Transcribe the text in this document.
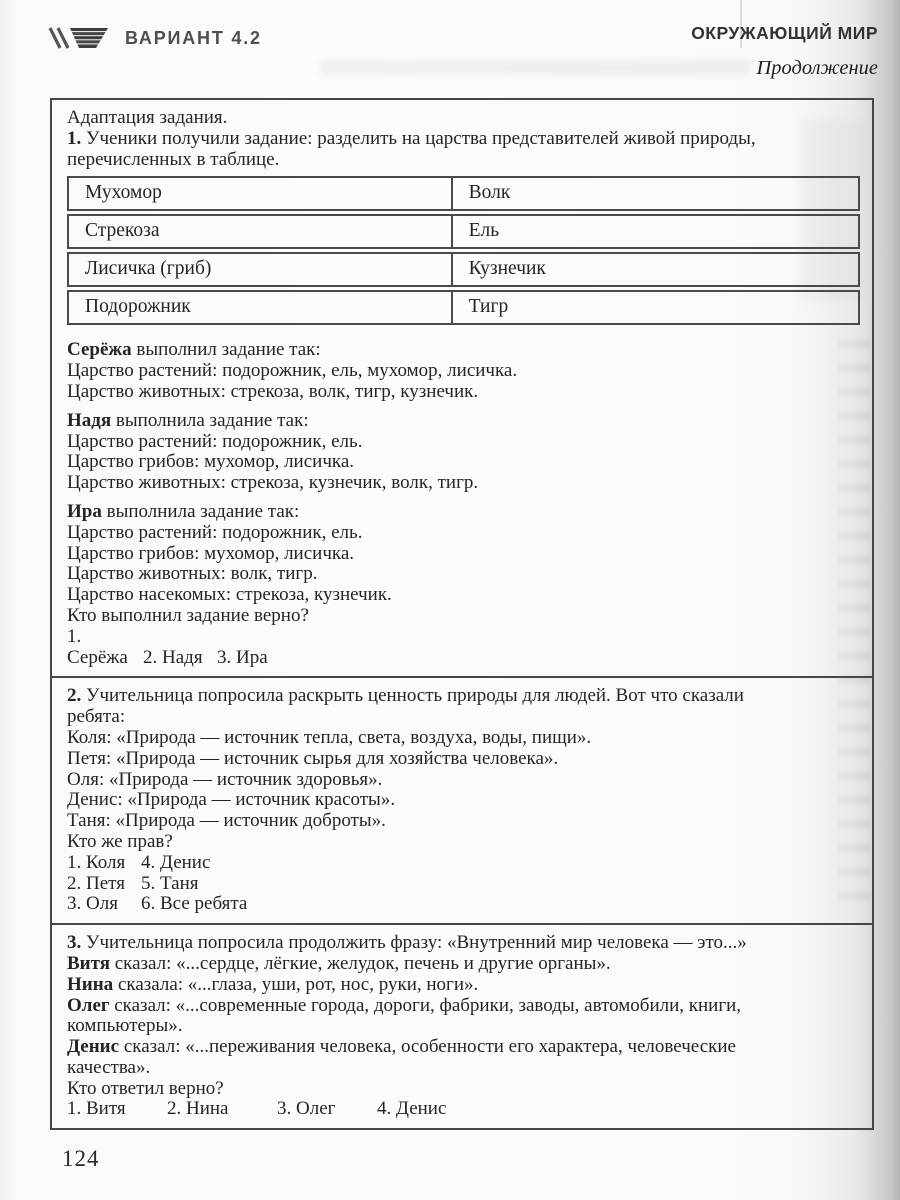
ВАРИАНТ 4.2	ОКРУЖАЮЩИЙ МИР
Продолжение

Адаптация задания.

1. Ученики получили задание: разделить на царства представителей живой природы,
перечисленных в таблице.

Мухомор	Волк
Стрекоза	Ель
Лисичка (гриб)	Кузнечик
Подорожник	Тигр

Серёжа выполнил задание так:

Царство растений: подорожник, ель, мухомор, лисичка.

Царство животных: стрекоза, волк, тигр, кузнечик.

Надя выполнила задание так:

Царство растений: подорожник, ель.

Царство грибов: мухомор, лисичка.

Царство животных: стрекоза, кузнечик, волк, тигр.

Ира выполнила задание так:

Царство растений: подорожник, ель.

Царство грибов: мухомор, лисичка.

Царство животных: волк, тигр.

Царство насекомых: стрекоза, кузнечик.

Кто выполнил задание верно?

1. Серёжа 2. Надя 3. Ира

2. Учительница попросила раскрыть ценность природы для людей. Вот что сказали
ребята:

Коля: «Природа — источник тепла, света, воздуха, воды, пищи».

Петя: «Природа — источник сырья для хозяйства человека».

Оля: «Природа — источник здоровья».

Денис: «Природа — источник красоты».

Таня: «Природа — источник доброты».

Кто же прав?

1. Коля
2. Петя
3. Оля
4. Денис
5. Таня
6. Все ребята

3. Учительница попросила продолжить фразу: «Внутренний мир человека — это...»

Витя сказал: «...сердце, лёгкие, желудок, печень и другие органы».

Нина сказала: «...глаза, уши, рот, нос, руки, ноги».

Олег сказал: «...современные города, дороги, фабрики, заводы, автомобили, книги,
компьютеры».

Денис сказал: «...переживания человека, особенности его характера, человеческие
качества».

Кто ответил верно?

1. Витя 2. Нина	3. Олег 4. Денис

124
